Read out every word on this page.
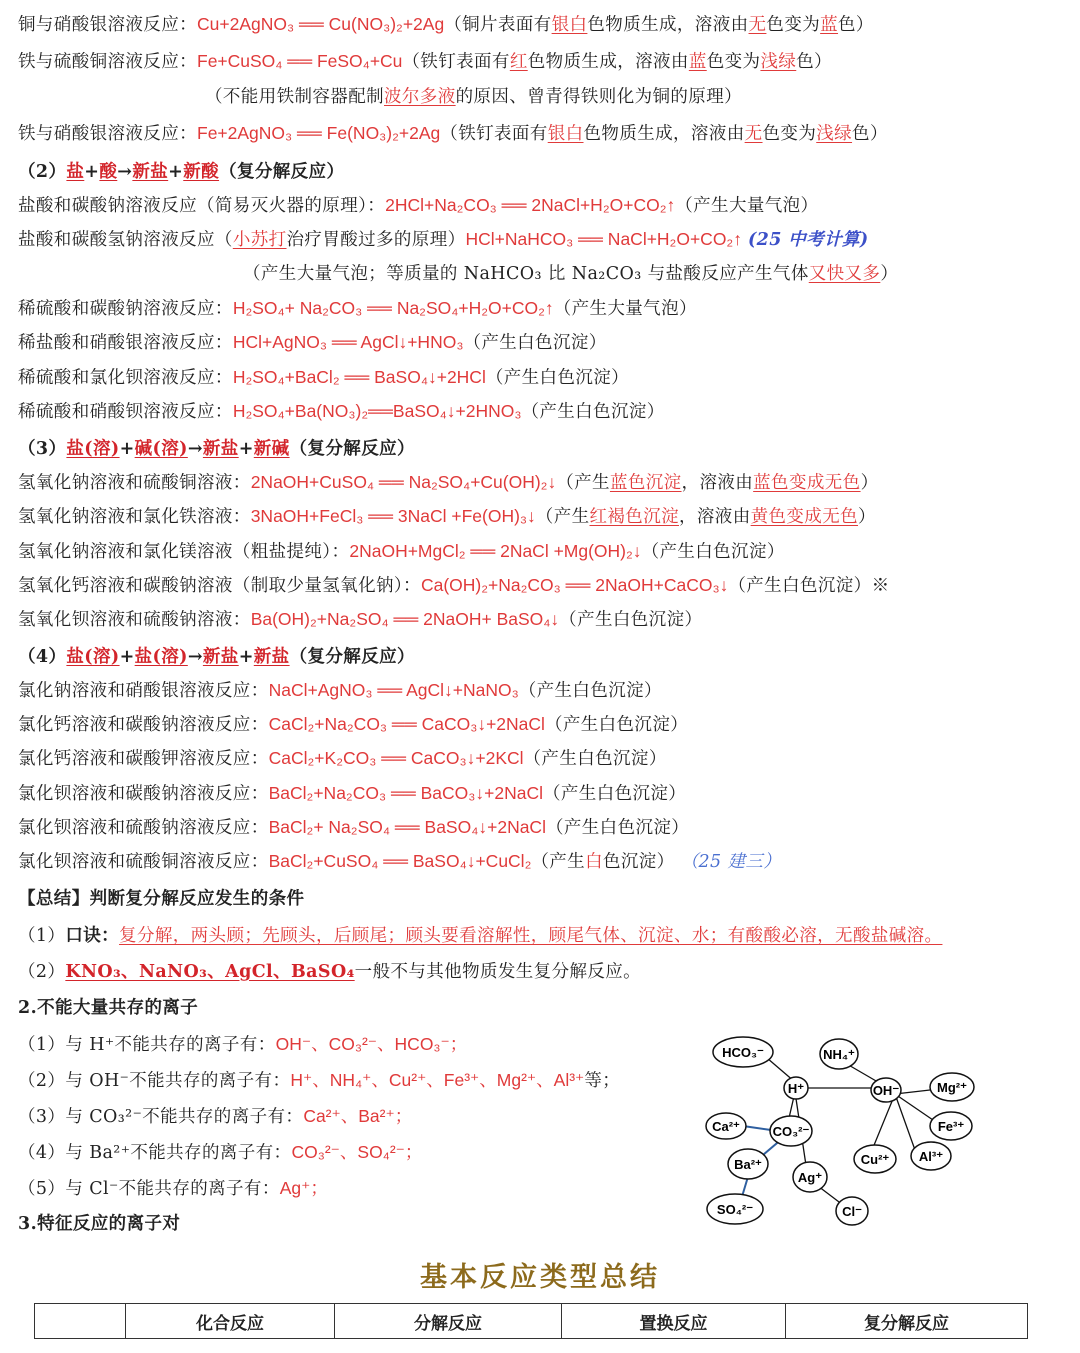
铜与硝酸银溶液反应：Cu+2AgNO₃ ══ Cu(NO₃)₂+2Ag（铜片表面有银白色物质生成，溶液由无色变为蓝色）
铁与硫酸铜溶液反应：Fe+CuSO₄ ══ FeSO₄+Cu（铁钉表面有红色物质生成，溶液由蓝色变为浅绿色）
（不能用铁制容器配制波尔多液的原因、曾青得铁则化为铜的原理）
铁与硝酸银溶液反应：Fe+2AgNO₃ ══ Fe(NO₃)₂+2Ag（铁钉表面有银白色物质生成，溶液由无色变为浅绿色）
（2）盐+酸→新盐+新酸（复分解反应）
盐酸和碳酸钠溶液反应（简易灭火器的原理）：2HCl+Na₂CO₃ ══ 2NaCl+H₂O+CO₂↑（产生大量气泡）
盐酸和碳酸氢钠溶液反应（小苏打治疗胃酸过多的原理）HCl+NaHCO₃ ══ NaCl+H₂O+CO₂↑ (25 中考计算)
（产生大量气泡；等质量的 NaHCO₃ 比 Na₂CO₃ 与盐酸反应产生气体又快又多）
稀硫酸和碳酸钠溶液反应：H₂SO₄+ Na₂CO₃ ══ Na₂SO₄+H₂O+CO₂↑（产生大量气泡）
稀盐酸和硝酸银溶液反应：HCl+AgNO₃ ══ AgCl↓+HNO₃（产生白色沉淀）
稀硫酸和氯化钡溶液反应：H₂SO₄+BaCl₂ ══ BaSO₄↓+2HCl（产生白色沉淀）
稀硫酸和硝酸钡溶液反应：H₂SO₄+Ba(NO₃)₂══BaSO₄↓+2HNO₃（产生白色沉淀）
（3）盐(溶)+碱(溶)→新盐+新碱（复分解反应）
氢氧化钠溶液和硫酸铜溶液：2NaOH+CuSO₄ ══ Na₂SO₄+Cu(OH)₂↓（产生蓝色沉淀，溶液由蓝色变成无色）
氢氧化钠溶液和氯化铁溶液：3NaOH+FeCl₃ ══ 3NaCl +Fe(OH)₃↓（产生红褐色沉淀，溶液由黄色变成无色）
氢氧化钠溶液和氯化镁溶液（粗盐提纯）：2NaOH+MgCl₂ ══ 2NaCl +Mg(OH)₂↓（产生白色沉淀）
氢氧化钙溶液和碳酸钠溶液（制取少量氢氧化钠）：Ca(OH)₂+Na₂CO₃ ══ 2NaOH+CaCO₃↓（产生白色沉淀）※
氢氧化钡溶液和硫酸钠溶液：Ba(OH)₂+Na₂SO₄ ══ 2NaOH+ BaSO₄↓（产生白色沉淀）
（4）盐(溶)+盐(溶)→新盐+新盐（复分解反应）
氯化钠溶液和硝酸银溶液反应：NaCl+AgNO₃ ══ AgCl↓+NaNO₃（产生白色沉淀）
氯化钙溶液和碳酸钠溶液反应：CaCl₂+Na₂CO₃ ══ CaCO₃↓+2NaCl（产生白色沉淀）
氯化钙溶液和碳酸钾溶液反应：CaCl₂+K₂CO₃ ══ CaCO₃↓+2KCl（产生白色沉淀）
氯化钡溶液和碳酸钠溶液反应：BaCl₂+Na₂CO₃ ══ BaCO₃↓+2NaCl（产生白色沉淀）
氯化钡溶液和硫酸钠溶液反应：BaCl₂+ Na₂SO₄ ══ BaSO₄↓+2NaCl（产生白色沉淀）
氯化钡溶液和硫酸铜溶液反应：BaCl₂+CuSO₄ ══ BaSO₄↓+CuCl₂（产生白色沉淀） （25 建三）
【总结】判断复分解反应发生的条件
（1）口诀：复分解，两头顾；先顾头，后顾尾；顾头要看溶解性，顾尾气体、沉淀、水；有酸酸必溶，无酸盐碱溶。
（2）KNO₃、NaNO₃、AgCl、BaSO₄一般不与其他物质发生复分解反应。
2.不能大量共存的离子
（1）与 H⁺不能共存的离子有：OH⁻、CO₃²⁻、HCO₃⁻；
（2）与 OH⁻不能共存的离子有：H⁺、NH₄⁺、Cu²⁺、Fe³⁺、Mg²⁺、Al³⁺等；
（3）与 CO₃²⁻不能共存的离子有：Ca²⁺、Ba²⁺；
（4）与 Ba²⁺不能共存的离子有：CO₃²⁻、SO₄²⁻；
（5）与 Cl⁻不能共存的离子有：Ag⁺；
3.特征反应的离子对
HCO₃⁻	NH₄⁺
H⁺	OH⁻	Mg²⁺
Ca²⁺	CO₃²⁻	Fe³⁺
Ba²⁺	Cu²⁺ Al³⁺
Ag⁺
SO₄²⁻	Cl⁻
基本反应类型总结
	化合反应	分解反应	置换反应	复分解反应
